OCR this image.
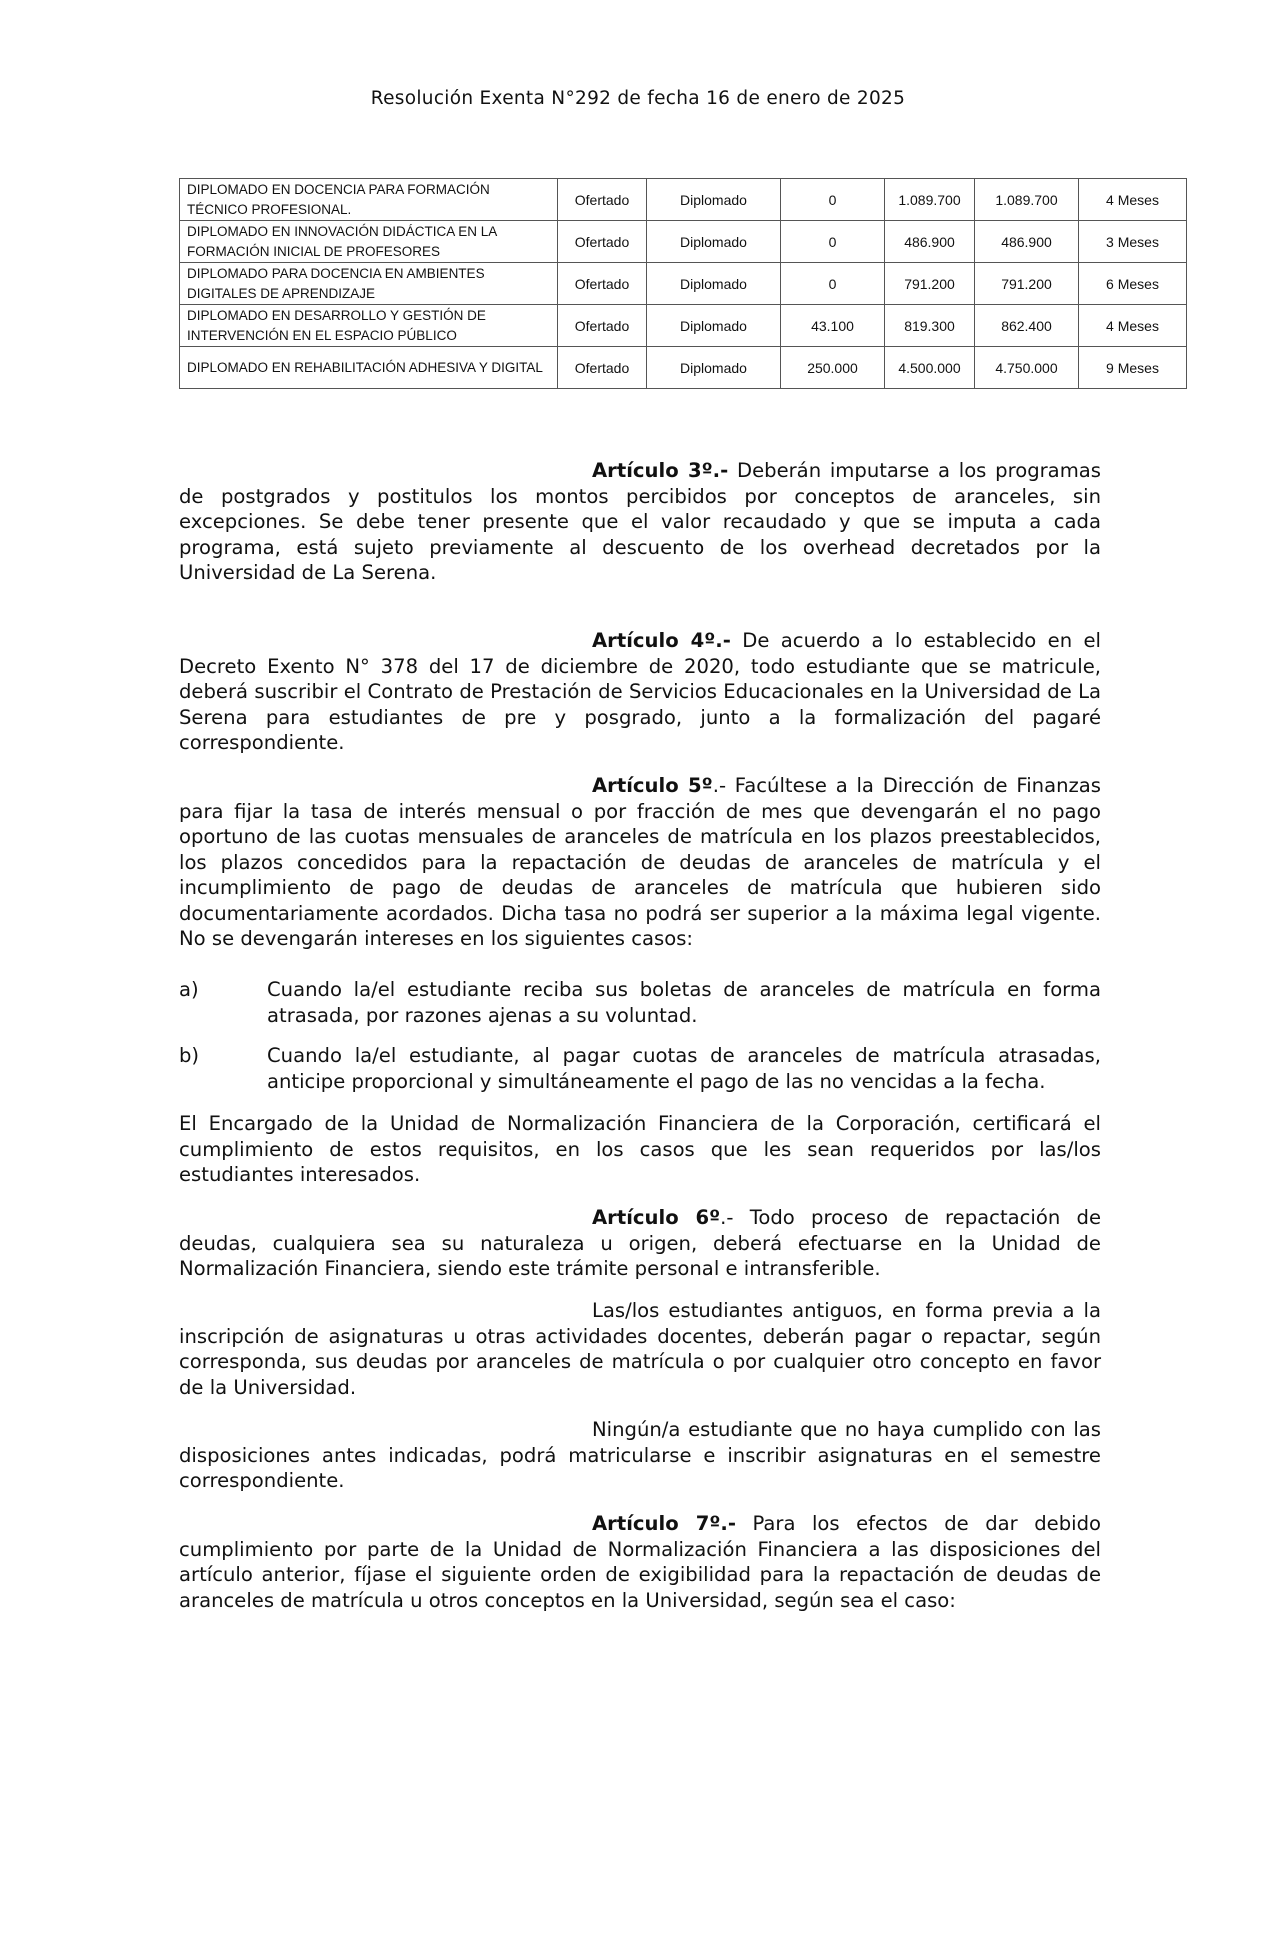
Resolución Exenta N°292 de fecha 16 de enero de 2025
DIPLOMADO EN DOCENCIA PARA FORMACIÓN TÉCNICO PROFESIONAL.	Ofertado	Diplomado	0	1.089.700	1.089.700	4 Meses
DIPLOMADO EN INNOVACIÓN DIDÁCTICA EN LA FORMACIÓN INICIAL DE PROFESORES	Ofertado	Diplomado	0	486.900	486.900	3 Meses
DIPLOMADO PARA DOCENCIA EN AMBIENTES DIGITALES DE APRENDIZAJE	Ofertado	Diplomado	0	791.200	791.200	6 Meses
DIPLOMADO EN DESARROLLO Y GESTIÓN DE INTERVENCIÓN EN EL ESPACIO PÚBLICO	Ofertado	Diplomado	43.100	819.300	862.400	4 Meses
DIPLOMADO EN REHABILITACIÓN ADHESIVA Y DIGITAL	Ofertado	Diplomado	250.000	4.500.000	4.750.000	9 Meses

Artículo 3º.- Deberán imputarse a los programas de postgrados y postitulos los montos percibidos por conceptos de aranceles, sin excepciones. Se debe tener presente que el valor recaudado y que se imputa a cada programa, está sujeto previamente al descuento de los overhead decretados por la Universidad de La Serena.

Artículo 4º.- De acuerdo a lo establecido en el Decreto Exento N° 378 del 17 de diciembre de 2020, todo estudiante que se matricule, deberá suscribir el Contrato de Prestación de Servicios Educacionales en la Universidad de La Serena para estudiantes de pre y posgrado, junto a la formalización del pagaré correspondiente.

Artículo 5º.- Facúltese a la Dirección de Finanzas para fijar la tasa de interés mensual o por fracción de mes que devengarán el no pago oportuno de las cuotas mensuales de aranceles de matrícula en los plazos preestablecidos, los plazos concedidos para la repactación de deudas de aranceles de matrícula y el incumplimiento de pago de deudas de aranceles de matrícula que hubieren sido documentariamente acordados. Dicha tasa no podrá ser superior a la máxima legal vigente. No se devengarán intereses en los siguientes casos:

a)	Cuando la/el estudiante reciba sus boletas de aranceles de matrícula en forma atrasada, por razones ajenas a su voluntad.
b)	Cuando la/el estudiante, al pagar cuotas de aranceles de matrícula atrasadas, anticipe proporcional y simultáneamente el pago de las no vencidas a la fecha.

El Encargado de la Unidad de Normalización Financiera de la Corporación, certificará el cumplimiento de estos requisitos, en los casos que les sean requeridos por las/los estudiantes interesados.

Artículo 6º.- Todo proceso de repactación de deudas, cualquiera sea su naturaleza u origen, deberá efectuarse en la Unidad de Normalización Financiera, siendo este trámite personal e intransferible.

Las/los estudiantes antiguos, en forma previa a la inscripción de asignaturas u otras actividades docentes, deberán pagar o repactar, según corresponda, sus deudas por aranceles de matrícula o por cualquier otro concepto en favor de la Universidad.

Ningún/a estudiante que no haya cumplido con las disposiciones antes indicadas, podrá matricularse e inscribir asignaturas en el semestre correspondiente.

Artículo 7º.- Para los efectos de dar debido cumplimiento por parte de la Unidad de Normalización Financiera a las disposiciones del artículo anterior, fíjase el siguiente orden de exigibilidad para la repactación de deudas de aranceles de matrícula u otros conceptos en la Universidad, según sea el caso:
